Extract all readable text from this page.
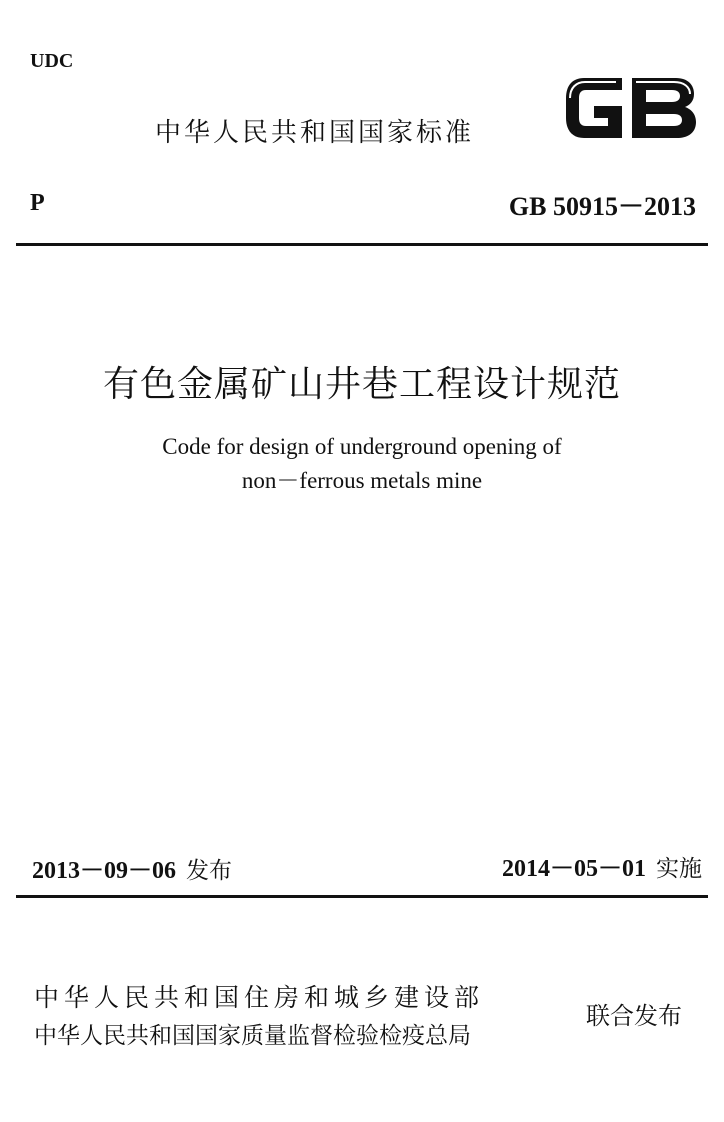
UDC
中华人民共和国国家标准
P	GB 50915－2013
有色金属矿山井巷工程设计规范
Code for design of underground opening of
non－ferrous metals mine
2013－09－06 发布	2014－05－01 实施
中华人民共和国住房和城乡建设部
中华人民共和国国家质量监督检验检疫总局
联合发布
